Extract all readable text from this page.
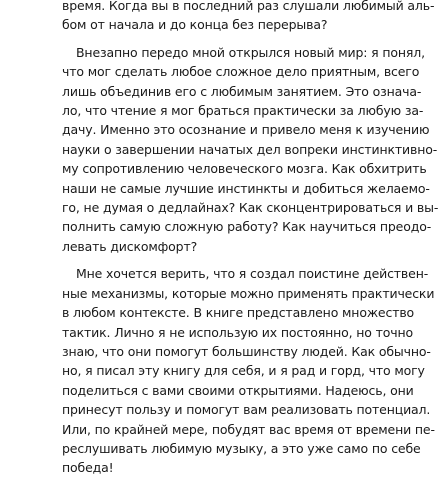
время. Когда вы в последний раз слушали любимый аль-
бом от начала и до конца без перерыва?

Внезапно передо мной открылся новый мир: я понял,
что мог сделать любое сложное дело приятным, всего
лишь объединив его с любимым занятием. Это означа-
ло, что чтение я мог браться практически за любую за-
дачу. Именно это осознание и привело меня к изучению
науки о завершении начатых дел вопреки инстинктивно-
му сопротивлению человеческого мозга. Как обхитрить
наши не самые лучшие инстинкты и добиться желаемо-
го, не думая о дедлайнах? Как сконцентрироваться и вы-
полнить самую сложную работу? Как научиться преодо-
левать дискомфорт?

Мне хочется верить, что я создал поистине действен-
ные механизмы, которые можно применять практически
в любом контексте. В книге представлено множество
тактик. Лично я не использую их постоянно, но точно
знаю, что они помогут большинству людей. Как обычно-
но, я писал эту книгу для себя, и я рад и горд, что могу
поделиться с вами своими открытиями. Надеюсь, они
принесут пользу и помогут вам реализовать потенциал.
Или, по крайней мере, побудят вас время от времени пе-
реслушивать любимую музыку, а это уже само по себе
победа!
